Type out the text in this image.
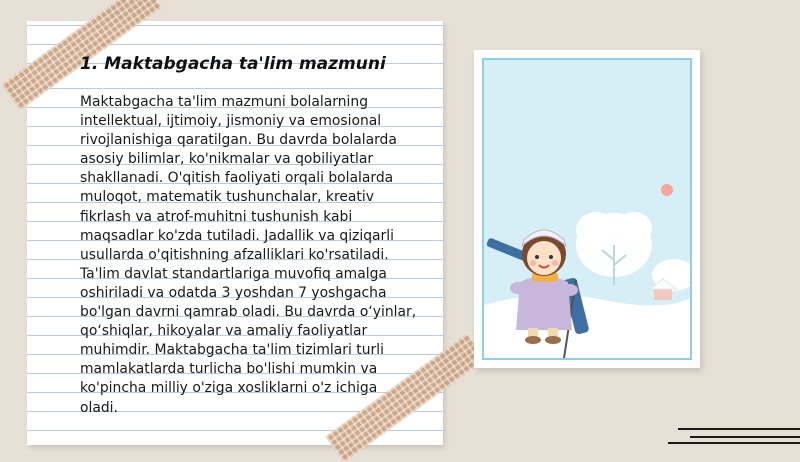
1. Maktabgacha ta'lim mazmuni

Maktabgacha ta'lim mazmuni bolalarning intellektual, ijtimoiy, jismoniy va emosional rivojlanishiga qaratilgan. Bu davrda bolalarda asosiy bilimlar, ko'nikmalar va qobiliyatlar shakllanadi. O'qitish faoliyati orqali bolalarda muloqot, matematik tushunchalar, kreativ fikrlash va atrof-muhitni tushunish kabi maqsadlar ko'zda tutiladi. Jadallik va qiziqarli usullarda o'qitishning afzalliklari ko'rsatiladi. Ta'lim davlat standartlariga muvofiq amalga oshiriladi va odatda 3 yoshdan 7 yoshgacha bo'lgan davrni qamrab oladi. Bu davrda o‘yinlar, qo‘shiqlar, hikoyalar va amaliy faoliyatlar muhimdir. Maktabgacha ta'lim tizimlari turli mamlakatlarda turlicha bo'lishi mumkin va ko'pincha milliy o'ziga xosliklarni o'z ichiga oladi.
